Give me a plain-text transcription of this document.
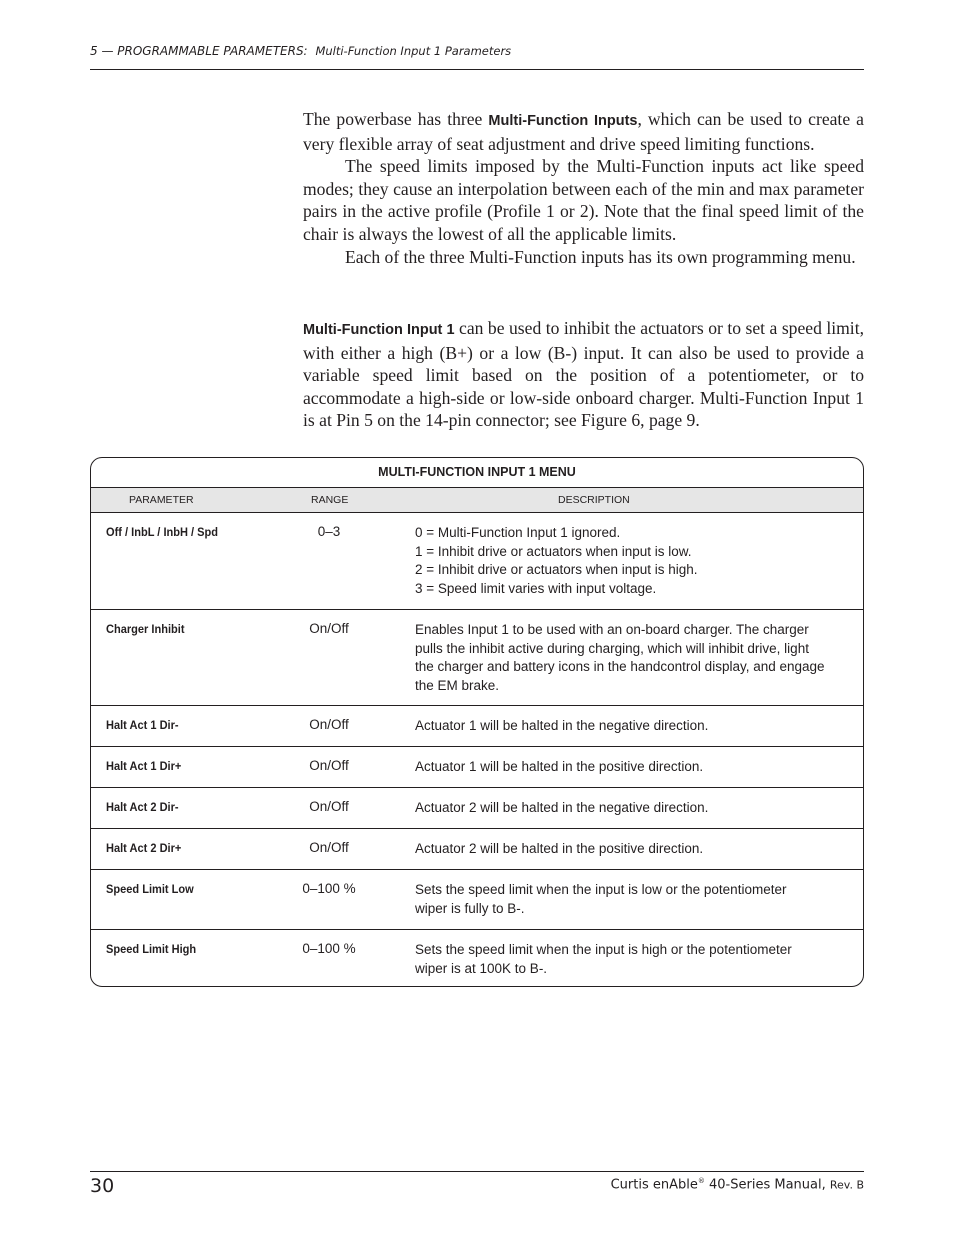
5 — PROGRAMMABLE PARAMETERS: Multi-Function Input 1 Parameters

The powerbase has three Multi-Function Inputs, which can be used to create a very flexible array of seat adjustment and drive speed limiting functions.

The speed limits imposed by the Multi-Function inputs act like speed modes; they cause an interpolation between each of the min and max parameter pairs in the active profile (Profile 1 or 2). Note that the final speed limit of the chair is always the lowest of all the applicable limits.

Each of the three Multi-Function inputs has its own programming menu.

Multi-Function Input 1 can be used to inhibit the actuators or to set a speed limit, with either a high (B+) or a low (B-) input. It can also be used to provide a variable speed limit based on the position of a potentiometer, or to accommodate a high-side or low-side onboard charger. Multi-Function Input 1 is at Pin 5 on the 14-pin connector; see Figure 6, page 9.

MULTI-FUNCTION INPUT 1 MENU
PARAMETER	RANGE	DESCRIPTION
Off / InbL / InbH / Spd	0–3	0 = Multi-Function Input 1 ignored.
1 = Inhibit drive or actuators when input is low.
2 = Inhibit drive or actuators when input is high.
3 = Speed limit varies with input voltage.
Charger Inhibit	On/Off	Enables Input 1 to be used with an on-board charger. The charger
pulls the inhibit active during charging, which will inhibit drive, light
the charger and battery icons in the handcontrol display, and engage
the EM brake.
Halt Act 1 Dir-	On/Off	Actuator 1 will be halted in the negative direction.
Halt Act 1 Dir+	On/Off	Actuator 1 will be halted in the positive direction.
Halt Act 2 Dir-	On/Off	Actuator 2 will be halted in the negative direction.
Halt Act 2 Dir+	On/Off	Actuator 2 will be halted in the positive direction.
Speed Limit Low	0–100 %	Sets the speed limit when the input is low or the potentiometer
wiper is fully to B-.
Speed Limit High	0–100 %	Sets the speed limit when the input is high or the potentiometer
wiper is at 100K to B-.
30	Curtis enAble® 40-Series Manual, Rev. B
